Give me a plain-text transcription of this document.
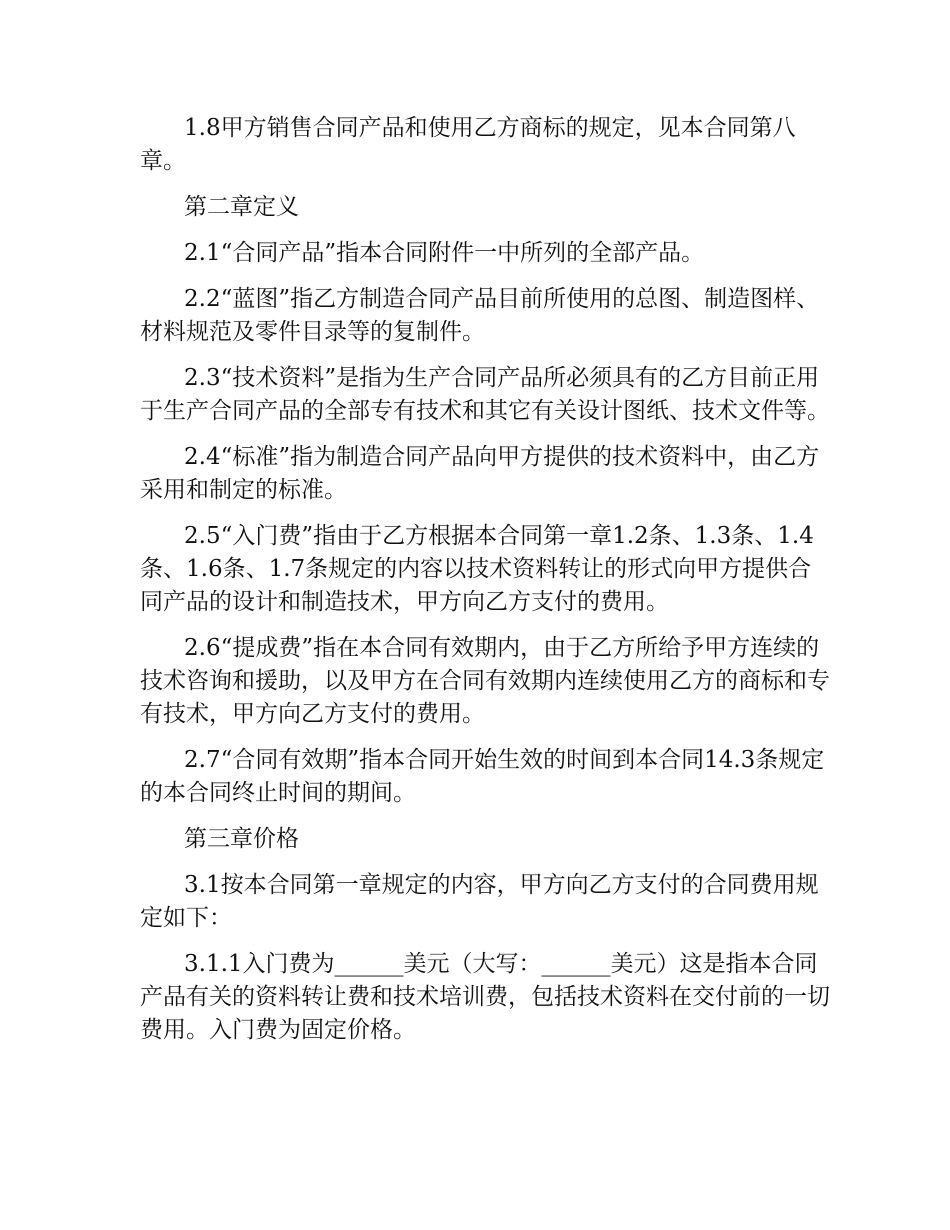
1.8甲方销售合同产品和使用乙方商标的规定，见本合同第八章。

第二章定义

2.1“合同产品”指本合同附件一中所列的全部产品。

2.2“蓝图”指乙方制造合同产品目前所使用的总图、制造图样、材料规范及零件目录等的复制件。

2.3“技术资料”是指为生产合同产品所必须具有的乙方目前正用于生产合同产品的全部专有技术和其它有关设计图纸、技术文件等。

2.4“标准”指为制造合同产品向甲方提供的技术资料中，由乙方采用和制定的标准。

2.5“入门费”指由于乙方根据本合同第一章1.2条、1.3条、1.4条、1.6条、1.7条规定的内容以技术资料转让的形式向甲方提供合同产品的设计和制造技术，甲方向乙方支付的费用。

2.6“提成费”指在本合同有效期内，由于乙方所给予甲方连续的技术咨询和援助，以及甲方在合同有效期内连续使用乙方的商标和专有技术，甲方向乙方支付的费用。

2.7“合同有效期”指本合同开始生效的时间到本合同14.3条规定的本合同终止时间的期间。

第三章价格

3.1按本合同第一章规定的内容，甲方向乙方支付的合同费用规定如下：

3.1.1入门费为______美元（大写：______美元）这是指本合同产品有关的资料转让费和技术培训费，包括技术资料在交付前的一切费用。入门费为固定价格。
